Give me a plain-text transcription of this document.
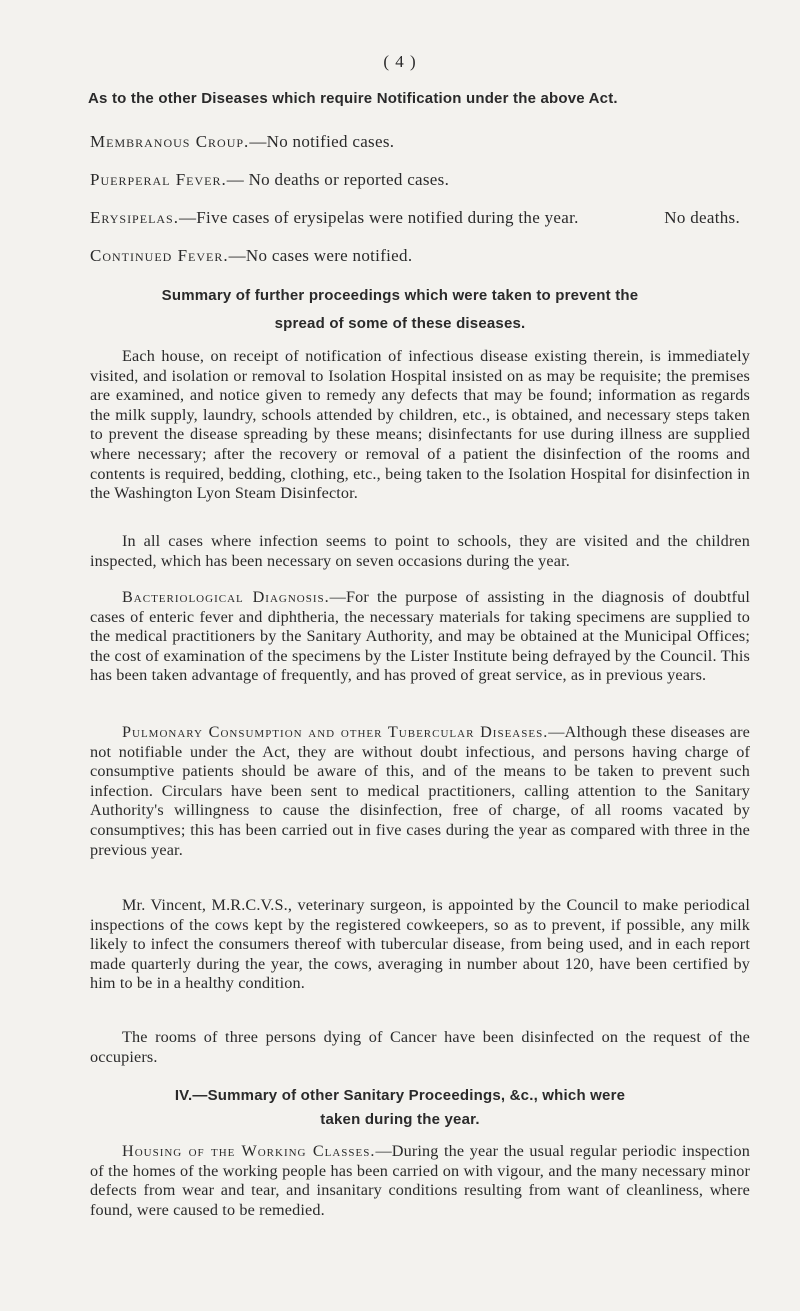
( 4 )
As to the other Diseases which require Notification under the above Act.
Membranous Croup.—No notified cases.
Puerperal Fever.— No deaths or reported cases.
Erysipelas.—Five cases of erysipelas were notified during the year.	No deaths.
Continued Fever.—No cases were notified.
Summary of further proceedings which were taken to prevent the
spread of some of these diseases.
Each house, on receipt of notification of infectious disease existing therein, is immediately visited, and isolation or removal to Isolation Hospital insisted on as may be requisite; the premises are examined, and notice given to remedy any defects that may be found; information as regards the milk supply, laundry, schools attended by children, etc., is obtained, and necessary steps taken to prevent the disease spreading by these means; disinfectants for use during illness are supplied where necessary; after the recovery or removal of a patient the disinfection of the rooms and contents is required, bedding, clothing, etc., being taken to the Isolation Hospital for disinfection in the Washington Lyon Steam Disinfector.
In all cases where infection seems to point to schools, they are visited and the children inspected, which has been necessary on seven occasions during the year.
Bacteriological Diagnosis.—For the purpose of assisting in the diagnosis of doubtful cases of enteric fever and diphtheria, the necessary materials for taking specimens are supplied to the medical practitioners by the Sanitary Authority, and may be obtained at the Municipal Offices; the cost of examination of the specimens by the Lister Institute being defrayed by the Council. This has been taken advantage of frequently, and has proved of great service, as in previous years.
Pulmonary Consumption and other Tubercular Diseases.—Although these diseases are not notifiable under the Act, they are without doubt infectious, and persons having charge of consumptive patients should be aware of this, and of the means to be taken to prevent such infection. Circulars have been sent to medical practitioners, calling attention to the Sanitary Authority's willingness to cause the disinfection, free of charge, of all rooms vacated by consumptives; this has been carried out in five cases during the year as compared with three in the previous year.
Mr. Vincent, M.R.C.V.S., veterinary surgeon, is appointed by the Council to make periodical inspections of the cows kept by the registered cowkeepers, so as to prevent, if possible, any milk likely to infect the consumers thereof with tubercular disease, from being used, and in each report made quarterly during the year, the cows, averaging in number about 120, have been certified by him to be in a healthy condition.
The rooms of three persons dying of Cancer have been disinfected on the request of the occupiers.
IV.—Summary of other Sanitary Proceedings, &c., which were
taken during the year.
Housing of the Working Classes.—During the year the usual regular periodic inspection of the homes of the working people has been carried on with vigour, and the many necessary minor defects from wear and tear, and insanitary conditions resulting from want of cleanliness, where found, were caused to be remedied.
